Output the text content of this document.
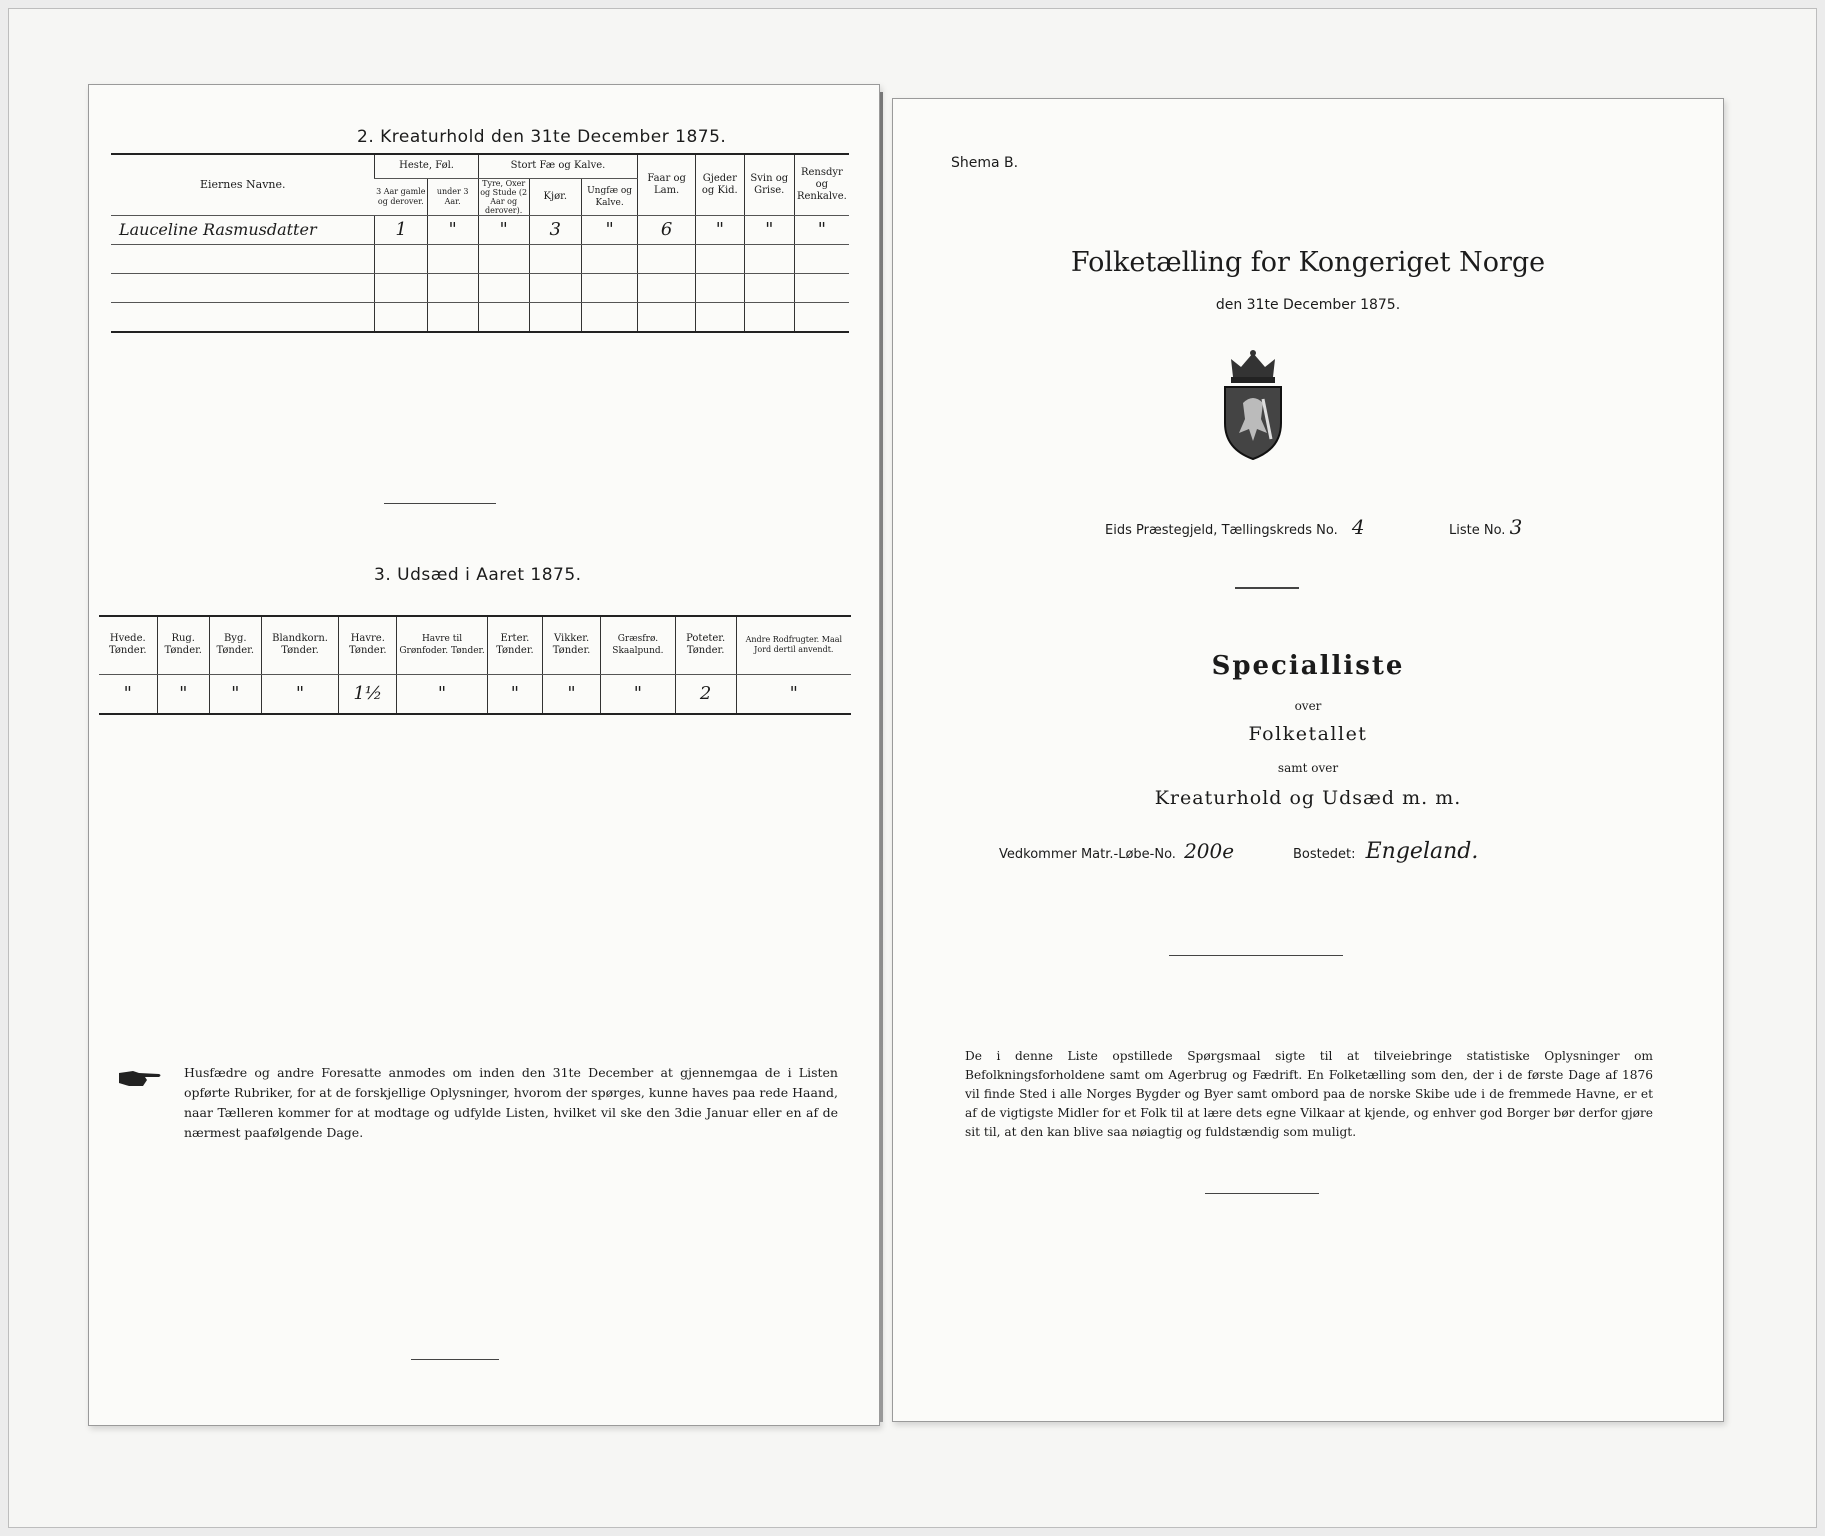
2. Kreaturhold den 31te December 1875.
Eiernes Navne.	Heste, Føl.		Stort Fæ og Kalve.			Faar og Lam.	Gjeder og Kid.	Svin og Grise.	Rensdyr og Renkalve.
	3 Aar gamle og derover.	under 3 Aar.	Tyre, Oxer og Stude (2 Aar og derover).	Kjør.	Ungfæ og Kalve.				
Lauceline Rasmusdatter	1	"	"	3	"	6	"	"	"

3. Udsæd i Aaret 1875.
Hvede. Tønder.	Rug. Tønder.	Byg. Tønder.	Blandkorn. Tønder.	Havre. Tønder.	Havre til Grønfoder. Tønder.	Erter. Tønder.	Vikker. Tønder.	Græsfrø. Skaalpund.	Poteter. Tønder.	Andre Rodfrugter. Maal Jord dertil anvendt.
"	"	"	"	1½	"	"	"	"	2	"
Husfædre og andre Foresatte anmodes om inden den 31te December at gjennemgaa de i Listen opførte Rubriker, for at de forskjellige Oplysninger, hvorom der spørges, kunne haves paa rede Haand, naar Tælleren kommer for at modtage og udfylde Listen, hvilket vil ske den 3die Januar eller en af de nærmest paafølgende Dage.
Shema B.
Folketælling for Kongeriget Norge
den 31te December 1875.
Eids Præstegjeld, Tællingskreds No. 4	Liste No. 3
Specialliste
over
Folketallet
samt over
Kreaturhold og Udsæd m. m.
Vedkommer Matr.-Løbe-No. 200e	Bostedet: Engeland.
De i denne Liste opstillede Spørgsmaal sigte til at tilveiebringe statistiske Oplysninger om Befolkningsforholdene samt om Agerbrug og Fædrift. En Folketælling som den, der i de første Dage af 1876 vil finde Sted i alle Norges Bygder og Byer samt ombord paa de norske Skibe ude i de fremmede Havne, er et af de vigtigste Midler for et Folk til at lære dets egne Vilkaar at kjende, og enhver god Borger bør derfor gjøre sit til, at den kan blive saa nøiagtig og fuldstændig som muligt.
